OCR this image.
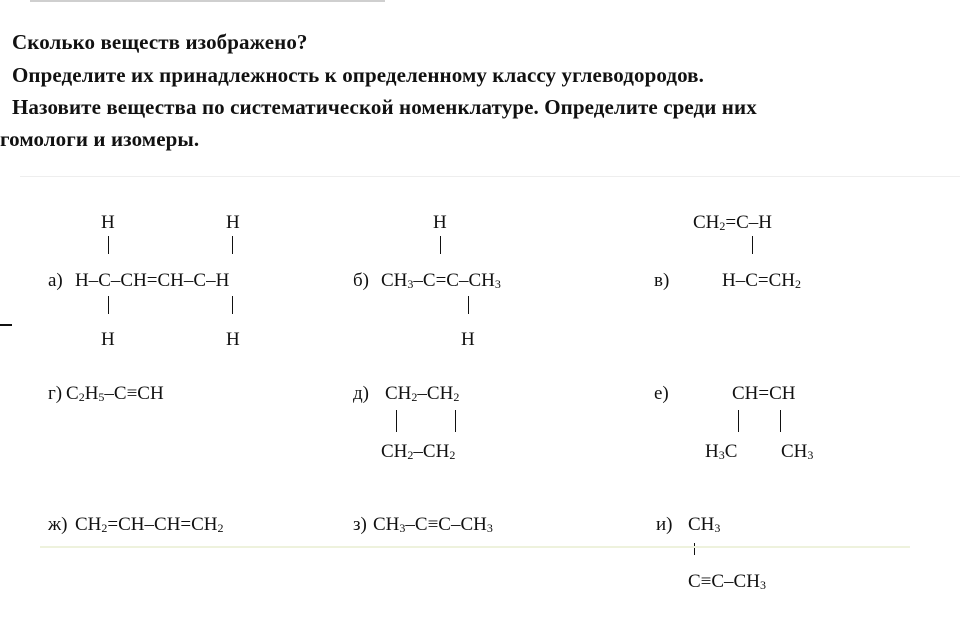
Сколько веществ изображено?
Определите их принадлежность к определенному классу углеводородов.
Назовите вещества по систематической номенклатуре. Определите среди них
гомологи и изомеры.
H	H
а) H–C–CH=CH–C–H
H	H
H
б) $CH_3-C=C-CH_3$
H
$CH_2=C-H$
в)	$H-C=CH_2$
г) $C_2H_5-C\equiv CH$	д) $CH_2-CH_2$
$CH_2-CH_2$
е)	CH=CH
$H_3C$ $CH_3$
ж) $CH_2=CH-CH=CH_2$	з) $CH_3-C\equiv C-CH_3$	и) $CH_3$
$C\equiv C-CH_3$
